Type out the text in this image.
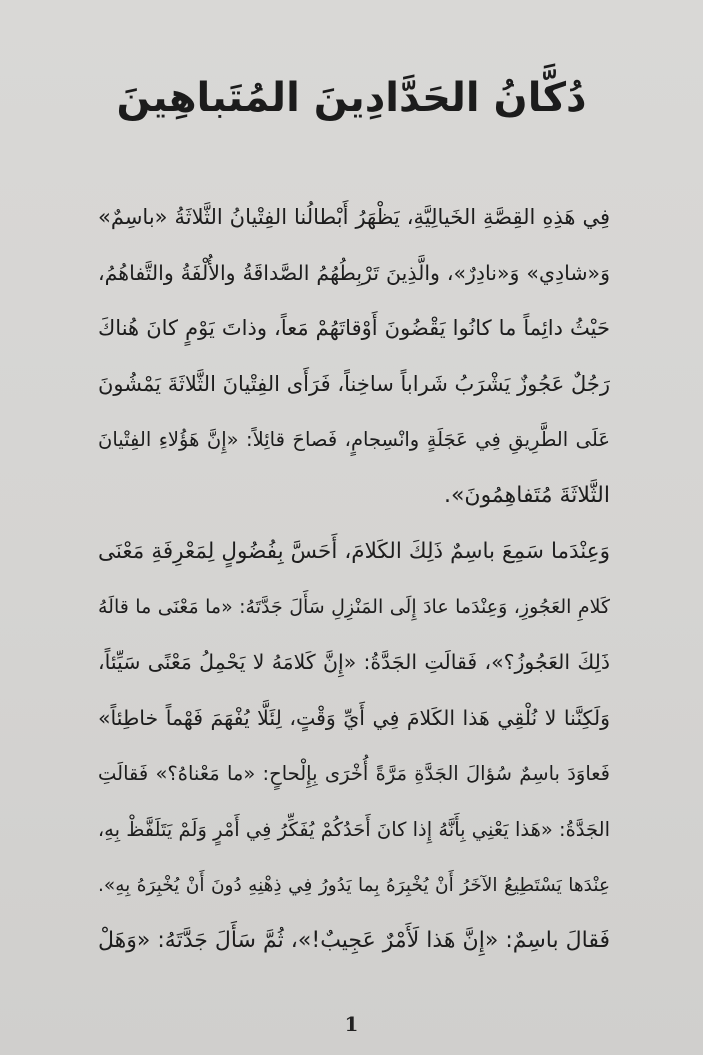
دُكَّانُ الحَدَّادِينَ المُتَباهِينَ
فِي هَذِهِ القِصَّةِ الخَيالِيَّةِ، يَظْهَرُ أَبْطالُنا الفِتْيانُ الثَّلاثَةُ «باسِمٌ»
وَ«شادِي» وَ«نادِرٌ»، والَّذِينَ تَرْبِطُهُمُ الصَّداقَةُ والأُلْفَةُ والتَّفاهُمُ،
حَيْثُ دائِماً ما كانُوا يَقْضُونَ أَوْقاتَهُمْ مَعاً، وذاتَ يَوْمٍ كانَ هُناكَ
رَجُلٌ عَجُوزٌ يَشْرَبُ شَراباً ساخِناً، فَرَأَى الفِتْيانَ الثَّلاثَةَ يَمْشُونَ
عَلَى الطَّرِيقِ فِي عَجَلَةٍ وانْسِجامٍ، فَصاحَ قائِلاً: «إِنَّ هَؤُلاءِ الفِتْيانَ
الثَّلاثَةَ مُتَفاهِمُونَ».
وَعِنْدَما سَمِعَ باسِمٌ ذَلِكَ الكَلامَ، أَحَسَّ بِفُضُولٍ لِمَعْرِفَةِ مَعْنَى
كَلامِ العَجُوزِ، وَعِنْدَما عادَ إِلَى المَنْزِلِ سَأَلَ جَدَّتَهُ: «ما مَعْنَى ما قالَهُ
ذَلِكَ العَجُوزُ؟»، فَقالَتِ الجَدَّةُ: «إِنَّ كَلامَهُ لا يَحْمِلُ مَعْنًى سَيِّئاً،
وَلَكِنَّنا لا نُلْقِي هَذا الكَلامَ فِي أَيِّ وَقْتٍ، لِئَلَّا يُفْهَمَ فَهْماً خاطِئاً»
فَعاوَدَ باسِمٌ سُؤالَ الجَدَّةِ مَرَّةً أُخْرَى بِإِلْحاحٍ: «ما مَعْناهُ؟» فَقالَتِ
الجَدَّةُ: «هَذا يَعْنِي بِأَنَّهُ إِذا كانَ أَحَدُكُمْ يُفَكِّرُ فِي أَمْرٍ وَلَمْ يَتَلَفَّظْ بِهِ،
عِنْدَها يَسْتَطِيعُ الآخَرُ أَنْ يُخْبِرَهُ بِما يَدُورُ فِي ذِهْنِهِ دُونَ أَنْ يُخْبِرَهُ بِهِ».
فَقالَ باسِمٌ: «إِنَّ هَذا لَأَمْرٌ عَجِيبٌ!»، ثُمَّ سَأَلَ جَدَّتَهُ: «وَهَلْ
1
